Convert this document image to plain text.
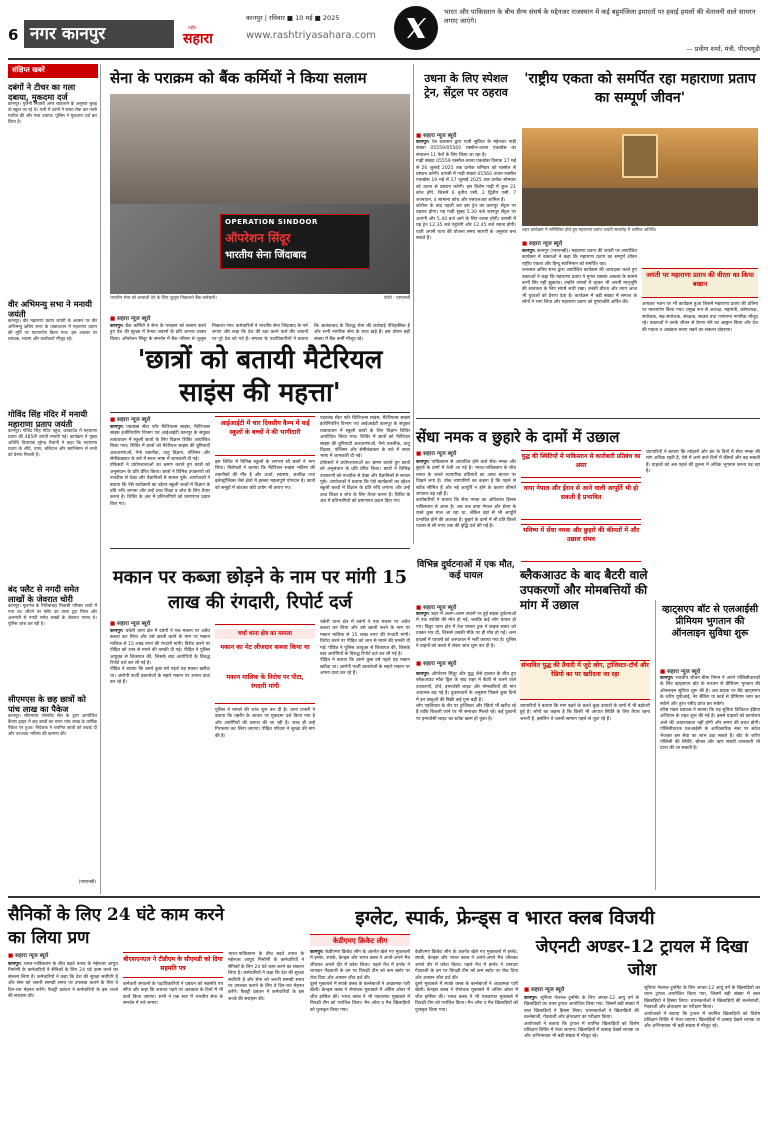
6 नगर कानपुर
कानपुर | रविवार ■ 10 मई ■ 2025
राष्ट्रीय
सहारा	www.rashtriyasahara.com
भारत और पाकिस्तान के बीच सैन्य संघर्ष के मद्देनजर राजस्थान में कई बहुमंजिला इमारतों पर हवाई हमलों की चेतावनी वाले सायरन लगाए जाएंगे।
— प्रवीण शर्मा, मंत्री, पीएचयूडी
संक्षिप्त खबरें
दबंगों ने टीचर का गला दबाया, मुकदमा दर्ज
कानपुर। गुजैनी निवासी अमर चावलाने के अनुसार सुबह वो स्कूल जा रहे थे। गली में दबंगों ने रास्ता रोक कर गाली गलौज की और गला दबाया। पुलिस ने मुकदमा दर्ज कर लिया है।
वीर अभिमन्यु सभा ने मनायी जयंती
कानपुर। वीर महाराणा प्रताप जयंती के अवसर पर वीर अभिमन्यु क्षत्रिय सभा के तत्वावधान में महाराणा प्रताप की मूर्ति पर माल्यार्पण किया गया। इस अवसर पर प्रबंधक, सदस्य और कार्यकर्ता मौजूद रहे।
गोविंद सिंह मंदिर में मनायी महाराणा प्रताप जयंती
कानपुर। गोविंद सिंह मंदिर पहुंच, काकादेव में महाराणा प्रताप की 485वीं जयंती मनायी गई। कार्यक्रम में मुख्य अतिथि विधायक सुरेन्द्र मैथानी ने कहा कि महाराणा प्रताप के शौर्य, त्याग, बलिदान और स्वाभिमान से सभी को प्रेरणा मिलती है।
बंद फ्लैट से नगदी समेत लाखों के जेवरात चोरी
कानपुर। मूलगंज के गिरीबाबाद निवासी परिवार शादी में गया था। लौटने पर फ्लैट का ताला टूटा मिला और अलमारी से नगदी समेत लाखों के जेवरात गायब थे। पुलिस जांच कर रही है।
सीएमएस के छह छात्रों को पांच लाख का पैकेज
कानपुर। सीएमएस प्लेसमेंट सेल के द्वारा आयोजित कैंपस ड्राइव में छह छात्रों का चयन पांच लाख के वार्षिक पैकेज पर हुआ। निदेशक ने चयनित छात्रों को बधाई दी और उज्ज्वल भविष्य की कामना की।
(एसएनबी)
सेना के पराक्रम को बैंक कर्मियों ने किया सलाम
OPERATION SINDOOR
ऑपरेशन सिंदूर
भारतीय सेना जिंदाबाद
भारतीय सेना को शाबाशी देने के लिए जुलूस निकालते बैंक कर्मचारी।	फोटो : एसएनबी
■ सहारा न्यूज ब्यूरो
कानपुर। बैंक कर्मियों ने सेना के पराक्रम को सलाम करते हुए देश की सुरक्षा में तैनात जवानों के प्रति आभार व्यक्त किया। ऑपरेशन सिंदूर के समर्थन में बैंक परिसर से जुलूस निकाला गया। कर्मचारियों ने भारतीय सेना जिंदाबाद के नारे लगाए और कहा कि देश की रक्षा करने वाले वीर जवानों पर पूरे देश को गर्व है। संगठन के पदाधिकारियों ने बताया कि आतंकवाद के विरुद्ध सेना की कार्रवाई ऐतिहासिक है और सभी नागरिक सेना के साथ खड़े हैं। इस दौरान बड़ी संख्या में बैंक कर्मी मौजूद रहे।
'छात्रों को बतायी मैटेरियल साइंस की महत्ता'
■ सहारा न्यूज ब्यूरो	आईआईटी में चार दिवसीय कैम्प में कई स्कूलों के बच्चों ने की भागीदारी
कानपुर। एडवांस्ड सेंटर फॉर मैटेरियल्स साइंस, मैटेरियल्स साइंस इंजीनियरिंग विभाग एवं आईआईटी कानपुर के संयुक्त तत्वावधान में स्कूली छात्रों के लिए विज्ञान शिविर आयोजित किया गया। शिविर में छात्रों को मैटेरियल साइंस की बुनियादी अवधारणाओं, नैनो तकनीक, धातु विज्ञान, पॉलिमर और सेमीकंडक्टर के बारे में सरल भाषा में जानकारी दी गई।
प्रोफेसरों ने प्रयोगशालाओं का भ्रमण कराते हुए छात्रों को अनुसंधान के प्रति प्रेरित किया। छात्रों ने विभिन्न उपकरणों को नजदीक से देखा और वैज्ञानिकों से सवाल पूछे। आयोजकों ने बताया कि ऐसे कार्यक्रमों का उद्देश्य स्कूली बच्चों में विज्ञान के प्रति रुचि जगाना और उन्हें उच्च शिक्षा व शोध के लिए तैयार करना है। शिविर के अंत में प्रतिभागियों को प्रमाणपत्र प्रदान किए गए।
इस शिविर में विभिन्न स्कूलों के लगभग सौ छात्रों ने भाग लिया। विशेषज्ञों ने बताया कि मैटेरियल साइंस भविष्य की तकनीकों की नींव है और ऊर्जा, स्वास्थ्य, अंतरिक्ष तथा इलेक्ट्रॉनिक्स जैसे क्षेत्रों में इसका महत्वपूर्ण योगदान है। छात्रों को समूहों में बांटकर छोटे प्रयोग भी कराए गए।
एडवांस्ड सेंटर फॉर मैटेरियल्स साइंस, मैटेरियल्स साइंस इंजीनियरिंग विभाग एवं आईआईटी कानपुर के संयुक्त तत्वावधान में स्कूली छात्रों के लिए विज्ञान शिविर आयोजित किया गया। शिविर में छात्रों को मैटेरियल साइंस की बुनियादी अवधारणाओं, नैनो तकनीक, धातु विज्ञान, पॉलिमर और सेमीकंडक्टर के बारे में सरल भाषा में जानकारी दी गई।
प्रोफेसरों ने प्रयोगशालाओं का भ्रमण कराते हुए छात्रों को अनुसंधान के प्रति प्रेरित किया। छात्रों ने विभिन्न उपकरणों को नजदीक से देखा और वैज्ञानिकों से सवाल पूछे। आयोजकों ने बताया कि ऐसे कार्यक्रमों का उद्देश्य स्कूली बच्चों में विज्ञान के प्रति रुचि जगाना और उन्हें उच्च शिक्षा व शोध के लिए तैयार करना है। शिविर के अंत में प्रतिभागियों को प्रमाणपत्र प्रदान किए गए।
मकान पर कब्जा छोड़ने के नाम पर मांगी 15 लाख की रंगदारी, रिपोर्ट दर्ज
■ सहारा न्यूज ब्यूरो
कानपुर। चकेरी थाना क्षेत्र में दबंगों ने एक मकान पर अवैध कब्जा कर लिया और उसे खाली करने के नाम पर मकान मालिक से 15 लाख रुपए की रंगदारी मांगी। विरोध करने पर पीड़ित को जान से मारने की धमकी दी गई। पीड़ित ने पुलिस आयुक्त से शिकायत की, जिसके बाद आरोपियों के विरुद्ध रिपोर्ट दर्ज कर ली गई है।
पीड़ित ने बताया कि उसने कुछ वर्ष पहले यह मकान खरीदा था। आरोपी फर्जी दस्तावेजों के सहारे मकान पर अपना दावा कर रहे हैं।
चर्चा थाना क्षेत्र का मामला
मकान का मेट लीजदार कब्जा किया था
मकान मालिक के विरोध पर पीटा, रंगदारी मांगी
पुलिस ने मामले की जांच शुरू कर दी है। थाना प्रभारी ने बताया कि तहरीर के आधार पर मुकदमा दर्ज किया गया है और आरोपियों की तलाश की जा रही है। जल्द ही उन्हें गिरफ्तार कर लिया जाएगा। पीड़ित परिवार ने सुरक्षा की मांग की है।
चकेरी थाना क्षेत्र में दबंगों ने एक मकान पर अवैध कब्जा कर लिया और उसे खाली करने के नाम पर मकान मालिक से 15 लाख रुपए की रंगदारी मांगी। विरोध करने पर पीड़ित को जान से मारने की धमकी दी गई। पीड़ित ने पुलिस आयुक्त से शिकायत की, जिसके बाद आरोपियों के विरुद्ध रिपोर्ट दर्ज कर ली गई है।
पीड़ित ने बताया कि उसने कुछ वर्ष पहले यह मकान खरीदा था। आरोपी फर्जी दस्तावेजों के सहारे मकान पर अपना दावा कर रहे हैं।
उधना के लिए स्पेशल ट्रेन, सेंट्रल पर ठहराव
■ सहारा न्यूज ब्यूरो
कानपुर। रेल प्रशासन द्वारा यात्री सुविधा के मद्देनजर गाड़ी संख्या 05559/05560 रक्सौल-उधना एकस्प्रेस का संचालन 11 फेरों के लिए किया जा रहा है।
गाड़ी संख्या 05559 रक्सौल-उधना एकस्प्रेस दिनांक 17 मई से 26 जुलाई 2025 तक प्रत्येक शनिवार को रक्सौल से प्रस्थान करेगी। वापसी में गाड़ी संख्या 05560 उधना-रक्सौल एकस्प्रेस 19 मई से 27 जुलाई 2025 तक प्रत्येक सोमवार को उधना से प्रस्थान करेगी। इस विशेष गाड़ी में कुल 21 कोच होंगे, जिसमें 6 तृतीय एसी, 2 द्वितीय एसी, 7 शयनयान, 4 सामान्य कोच और एसएलआर शामिल हैं।
कोरोना के बाद पहली बार इस ट्रेन का कानपुर सेंट्रल पर ठहराव होगा। यह गाड़ी सुबह 5.30 बजे कानपुर सेंट्रल पर आएगी और 5.40 बजे आगे के लिए रवाना होगी। वापसी में यह ट्रेन 12.35 बजे पहुंचेगी और 12.45 बजे रवाना होगी। यात्री अपनी यात्रा की योजना समय सारणी के अनुसार बना सकते हैं।
'राष्ट्रीय एकता को समर्पित रहा महाराणा प्रताप का सम्पूर्ण जीवन'
शहर कार्यक्रम में सम्मिलित होते हुए महाराणा प्रताप जयंती समारोह में शामिल अतिथि।
■ सहारा न्यूज ब्यूरो
कानपुर। कानपुर (एसएनबी)। महाराणा प्रताप की जयंती पर आयोजित कार्यक्रम में वक्ताओं ने कहा कि महाराणा प्रताप का सम्पूर्ण जीवन राष्ट्रीय एकता और हिन्दू स्वाभिमान को समर्पित रहा।
रत्नलाल क्षत्रिय सभा द्वारा आयोजित कार्यक्रम की अध्यक्षता करते हुए वक्ताओं ने कहा कि महाराणा प्रताप ने मुगल शासक अकबर के सामने कभी सिर नहीं झुकाया। उन्होंने जंगलों में रहकर भी अपनी मातृभूमि की स्वतंत्रता के लिए संघर्ष जारी रखा। उनकी वीरता और त्याग आज भी युवाओं को प्रेरणा देता है। कार्यक्रम में बड़ी संख्या में समाज के लोगों ने भाग लिया और महाराणा प्रताप को पुष्पांजलि अर्पित की।
जयंती पर महाराणा प्रताप की वीरता का किया बखान
आयकर भवन पर भी कार्यक्रम हुआ जिसमें महाराणा प्रताप की प्रतिमा पर माल्यार्पण किया गया। प्रमुख रूप से अध्यक्ष, महामंत्री, कोषाध्यक्ष, संयोजक, सह-संयोजक, संरक्षक, सदस्य तथा गणमान्य नागरिक मौजूद रहे। वक्ताओं ने उनके जीवन से प्रेरणा लेने का आह्वान किया और देश की एकता व अखंडता बनाए रखने का संकल्प दोहराया।
सेंधा नमक व छुहारे के दामों में उछाल
■ सहारा न्यूज ब्यूरो
कानपुर। पाकिस्तान से आयातित होने वाले सेंधा नमक और छुहारे के दामों में तेजी आ गई है। भारत-पाकिस्तान के बीच तनाव के चलते व्यापारिक प्रतिबंधों का असर बाजार पर दिखने लगा है। थोक व्यापारियों का कहना है कि पहले से स्टॉक सीमित है और नई आपूर्ति न होने के कारण कीमतें लगातार बढ़ रही हैं।
कारोबारियों ने बताया कि सेंधा नमक का अधिकांश हिस्सा पाकिस्तान से आता है। अब तक वाया नेपाल और ईरान के रास्ते कुछ माल आ रहा था, लेकिन वहां से भी आपूर्ति प्रभावित होने की आशंका है। छुहारे के दामों में भी प्रति किलो पचास से सौ रुपए तक की वृद्धि दर्ज की गई है।
युद्ध की स्थितियों में पाकिस्तान से कारोबारी प्रतिबंध का असर
वाया नेपाल और ईरान से आने वाली आपूर्ति भी हो सकती है प्रभावित
भविष्य में सेंधा नमक और छुहारे की कीमतों में और उछाल संभव
व्यापारियों ने बताया कि त्योहारों और व्रत के दिनों में सेंधा नमक की मांग अधिक रहती है, ऐसे में आने वाले दिनों में कीमतें और बढ़ सकती हैं। ग्राहकों को अब पहले की तुलना में अधिक भुगतान करना पड़ रहा है।
विभिन्न दुर्घटनाओं में एक मौत, कई घायल
■ सहारा न्यूज ब्यूरो
कानपुर। शहर में अलग-अलग स्थानों पर हुई सड़क दुर्घटनाओं में एक व्यक्ति की मौत हो गई, जबकि कई लोग घायल हो गए। बिठूर थाना क्षेत्र में तेज रफ्तार ट्रक ने बाइक सवार को टक्कर मार दी, जिससे उसकी मौके पर ही मौत हो गई। अन्य हादसों में घायलों को अस्पताल में भर्ती कराया गया है। पुलिस ने वाहनों को कब्जे में लेकर जांच शुरू कर दी है।
ब्लैकआउट के बाद बैटरी वाले उपकरणों और मोमबत्तियों की मांग में उछाल
■ सहारा न्यूज ब्यूरो	संभावित युद्ध की तैयारी में जुटे लोग, ट्रांजिस्टर-टॉर्च और रेडियो का पर खरीदना जा रहा
कानपुर। ऑपरेशन सिंदूर और युद्ध जैसे हालात के बीच हुए ब्लैकआउट मॉक ड्रिल के बाद शहर में बैटरी से चलने वाले उपकरणों, टॉर्च, इमरजेंसी लाइट और मोमबत्तियों की मांग अचानक बढ़ गई है। दुकानदारों के अनुसार पिछले कुछ दिनों में इन वस्तुओं की बिक्री कई गुना बढ़ी है।
लोग एहतियात के तौर पर ट्रांजिस्टर और रेडियो भी खरीद रहे हैं ताकि बिजली जाने पर भी समाचार मिलते रहें। कई दुकानों पर इमरजेंसी लाइट का स्टॉक खत्म हो चुका है।
व्यापारियों ने बताया कि मांग बढ़ने के चलते कुछ उत्पादों के दामों में भी बढ़ोतरी हुई है। लोगों का कहना है कि किसी भी आपात स्थिति के लिए तैयार रहना जरूरी है, इसलिए वे जरूरी सामान पहले से जुटा रहे हैं।
व्हाट्सएप बॉट से एलआईसी प्रीमियम भुगतान की ऑनलाइन सुविधा शुरू
■ सहारा न्यूज ब्यूरो
कानपुर। भारतीय जीवन बीमा निगम ने अपने पॉलिसीधारकों के लिए व्हाट्सएप बॉट के माध्यम से प्रीमियम भुगतान की ऑनलाइन सुविधा शुरू की है। अब ग्राहक घर बैठे व्हाट्सएप के जरिए यूपीआई, नेट बैंकिंग या कार्ड से प्रीमियम जमा कर सकेंगे और तुरंत रसीद प्राप्त कर सकेंगे।
वरिष्ठ मंडल प्रबंधक ने बताया कि यह सुविधा डिजिटल इंडिया अभियान के तहत शुरू की गई है। इससे ग्राहकों को कार्यालय आने की आवश्यकता नहीं होगी और समय की बचत होगी। पॉलिसीधारक एलआईसी के आधिकारिक नंबर पर संदेश भेजकर इस सेवा का लाभ उठा सकते हैं। बॉट के जरिए पॉलिसी की स्थिति, बोनस और ऋण संबंधी जानकारी भी प्राप्त की जा सकती है।
सैनिकों के लिए 24 घंटे काम करने का लिया प्रण
■ सहारा न्यूज ब्यूरो
कानपुर। भारत-पाकिस्तान के बीच बढ़ते तनाव के मद्देनजर आयुध निर्माणी के कर्मचारियों ने सैनिकों के लिए 24 घंटे काम करने का संकल्प लिया है। कर्मचारियों ने कहा कि देश की सुरक्षा सर्वोपरि है और सेना को जरूरी सामग्री समय पर उपलब्ध कराने के लिए वे दिन-रात मेहनत करेंगे। फैक्ट्री प्रबंधन ने कर्मचारियों के इस जज्बे की सराहना की।
बीएसएनएल ने टीडीएम के सीएमडी को दिया सहमति पत्र
कर्मचारी संगठनों के पदाधिकारियों ने प्रबंधन को सहमति पत्र सौंपा और कहा कि जरूरत पड़ने पर अवकाश के दिनों में भी कार्य किया जाएगा। सभी ने एक स्वर में भारतीय सेना के समर्थन में नारे लगाए।
भारत-पाकिस्तान के बीच बढ़ते तनाव के मद्देनजर आयुध निर्माणी के कर्मचारियों ने सैनिकों के लिए 24 घंटे काम करने का संकल्प लिया है। कर्मचारियों ने कहा कि देश की सुरक्षा सर्वोपरि है और सेना को जरूरी सामग्री समय पर उपलब्ध कराने के लिए वे दिन-रात मेहनत करेंगे। फैक्ट्री प्रबंधन ने कर्मचारियों के इस जज्बे की सराहना की।
इग्लेट, स्पार्क, फ्रेन्ड्स व भारत क्लब विजयी
केडीएमए क्रिकेट लीग
कानपुर। केडीएमए क्रिकेट लीग के अंतर्गत खेले गए मुकाबलों में इग्लेट, स्पार्क, फ्रेन्ड्स और भारत क्लब ने अपने-अपने मैच जीतकर अगले दौर में प्रवेश किया। पहले मैच में इग्लेट ने शानदार गेंदबाजी के दम पर विपक्षी टीम को कम स्कोर पर रोक दिया और आसान जीत दर्ज की।
दूसरे मुकाबले में स्पार्क क्लब के बल्लेबाजों ने आक्रामक पारी खेली। फ्रेन्ड्स क्लब ने रोमांचक मुकाबले में अंतिम ओवर में जीत हासिल की। भारत क्लब ने भी एकतरफा मुकाबले में विपक्षी टीम को पराजित किया। मैन ऑफ द मैच खिलाड़ियों को पुरस्कृत किया गया।
केडीएमए क्रिकेट लीग के अंतर्गत खेले गए मुकाबलों में इग्लेट, स्पार्क, फ्रेन्ड्स और भारत क्लब ने अपने-अपने मैच जीतकर अगले दौर में प्रवेश किया। पहले मैच में इग्लेट ने शानदार गेंदबाजी के दम पर विपक्षी टीम को कम स्कोर पर रोक दिया और आसान जीत दर्ज की।
दूसरे मुकाबले में स्पार्क क्लब के बल्लेबाजों ने आक्रामक पारी खेली। फ्रेन्ड्स क्लब ने रोमांचक मुकाबले में अंतिम ओवर में जीत हासिल की। भारत क्लब ने भी एकतरफा मुकाबले में विपक्षी टीम को पराजित किया। मैन ऑफ द मैच खिलाड़ियों को पुरस्कृत किया गया।
जेएनटी अण्डर-12 ट्रायल में दिखा जोश
■ सहारा न्यूज ब्यूरो
कानपुर। जूनियर नेशनल टूर्नामेंट के लिए अण्डर-12 आयु वर्ग के खिलाड़ियों का चयन ट्रायल आयोजित किया गया, जिसमें बड़ी संख्या में बाल खिलाड़ियों ने हिस्सा लिया। चयनकर्ताओं ने खिलाड़ियों की बल्लेबाजी, गेंदबाजी और क्षेत्ररक्षण का परीक्षण किया।
आयोजकों ने बताया कि ट्रायल में चयनित खिलाड़ियों को विशेष प्रशिक्षण शिविर में भेजा जाएगा। खिलाड़ियों में उत्साह देखने लायक था और अभिभावक भी बड़ी संख्या में मौजूद रहे।
जूनियर नेशनल टूर्नामेंट के लिए अण्डर-12 आयु वर्ग के खिलाड़ियों का चयन ट्रायल आयोजित किया गया, जिसमें बड़ी संख्या में बाल खिलाड़ियों ने हिस्सा लिया। चयनकर्ताओं ने खिलाड़ियों की बल्लेबाजी, गेंदबाजी और क्षेत्ररक्षण का परीक्षण किया।
आयोजकों ने बताया कि ट्रायल में चयनित खिलाड़ियों को विशेष प्रशिक्षण शिविर में भेजा जाएगा। खिलाड़ियों में उत्साह देखने लायक था और अभिभावक भी बड़ी संख्या में मौजूद रहे।
